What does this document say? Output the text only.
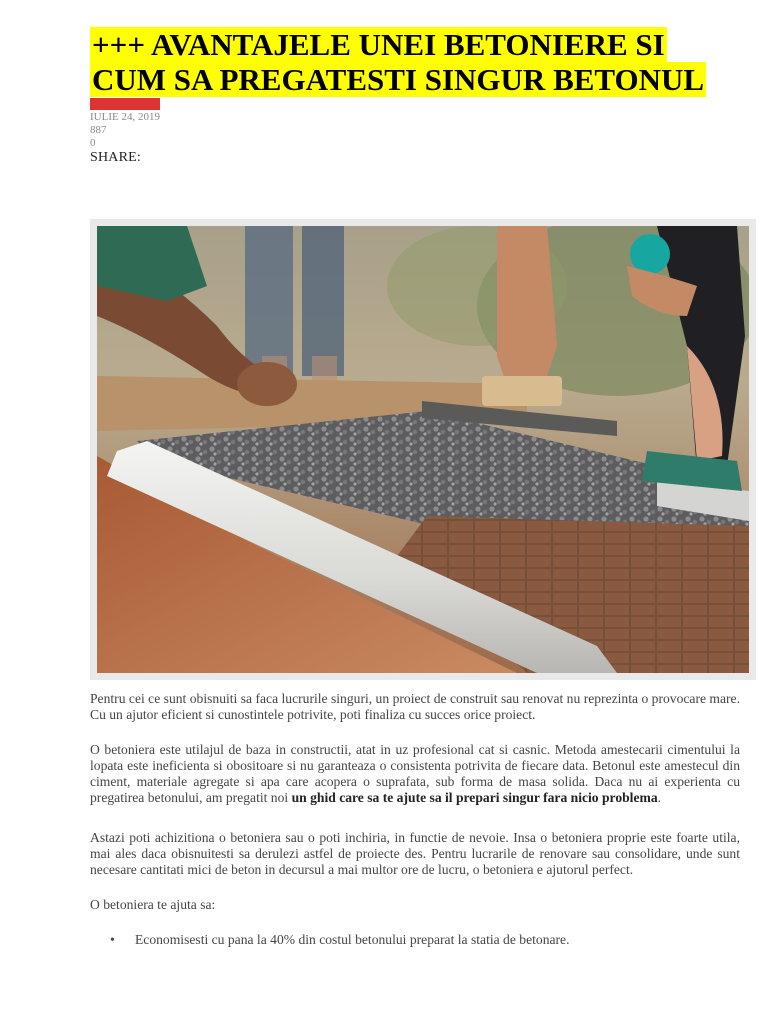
+++ AVANTAJELE UNEI BETONIERE SI CUM SA PREGATESTI SINGUR BETONUL
IULIE 24, 2019
887
0
SHARE:

Pentru cei ce sunt obisnuiti sa faca lucrurile singuri, un proiect de construit sau renovat nu reprezinta o provocare mare. Cu un ajutor eficient si cunostintele potrivite, poti finaliza cu succes orice proiect.

O betoniera este utilajul de baza in constructii, atat in uz profesional cat si casnic. Metoda amestecarii cimentului la lopata este ineficienta si obositoare si nu garanteaza o consistenta potrivita de fiecare data. Betonul este amestecul din ciment, materiale agregate si apa care acopera o suprafata, sub forma de masa solida. Daca nu ai experienta cu pregatirea betonului, am pregatit noi un ghid care sa te ajute sa il prepari singur fara nicio problema.

Astazi poti achizitiona o betoniera sau o poti inchiria, in functie de nevoie. Insa o betoniera proprie este foarte utila, mai ales daca obisnuitesti sa derulezi astfel de proiecte des. Pentru lucrarile de renovare sau consolidare, unde sunt necesare cantitati mici de beton in decursul a mai multor ore de lucru, o betoniera e ajutorul perfect.

O betoniera te ajuta sa:

• Economisesti cu pana la 40% din costul betonului preparat la statia de betonare.
